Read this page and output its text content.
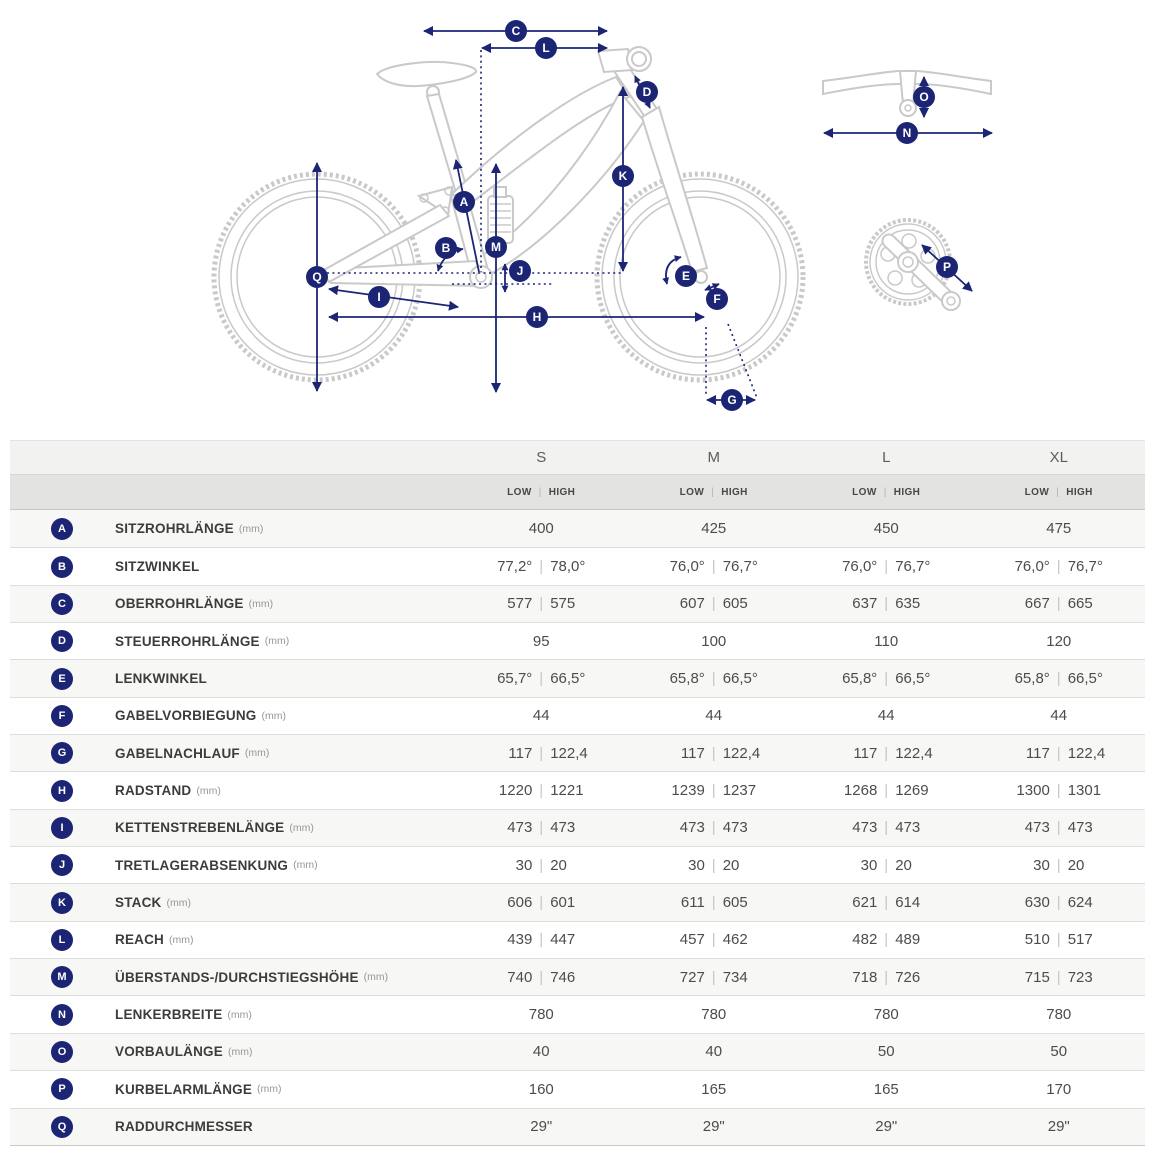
A
B
C
D
E
F
G
H
I
J
K
L
M
N
O
P
Q
S	M	L	XL
LOW | HIGH	LOW | HIGH	LOW | HIGH	LOW | HIGH
A	SITZROHRLÄNGE (mm)	400	425	450	475
B	SITZWINKEL	77,2° | 78,0°	76,0° | 76,7°	76,0° | 76,7°	76,0° | 76,7°
C	OBERROHRLÄNGE (mm)	577 | 575	607 | 605	637 | 635	667 | 665
D	STEUERROHRLÄNGE (mm)	95	100	110	120
E	LENKWINKEL	65,7° | 66,5°	65,8° | 66,5°	65,8° | 66,5°	65,8° | 66,5°
F	GABELVORBIEGUNG (mm)	44	44	44	44
G	GABELNACHLAUF (mm)	117 | 122,4	117 | 122,4	117 | 122,4	117 | 122,4
H	RADSTAND (mm)	1220 | 1221	1239 | 1237	1268 | 1269	1300 | 1301
I	KETTENSTREBENLÄNGE (mm)	473 | 473	473 | 473	473 | 473	473 | 473
J	TRETLAGERABSENKUNG (mm)	30 | 20	30 | 20	30 | 20	30 | 20
K	STACK (mm)	606 | 601	611 | 605	621 | 614	630 | 624
L	REACH (mm)	439 | 447	457 | 462	482 | 489	510 | 517
M	ÜBERSTANDS-/DURCHSTIEGSHÖHE (mm)	740 | 746	727 | 734	718 | 726	715 | 723
N	LENKERBREITE (mm)	780	780	780	780
O	VORBAULÄNGE (mm)	40	40	50	50
P	KURBELARMLÄNGE (mm)	160	165	165	170
Q	RADDURCHMESSER	29"	29"	29"	29"
